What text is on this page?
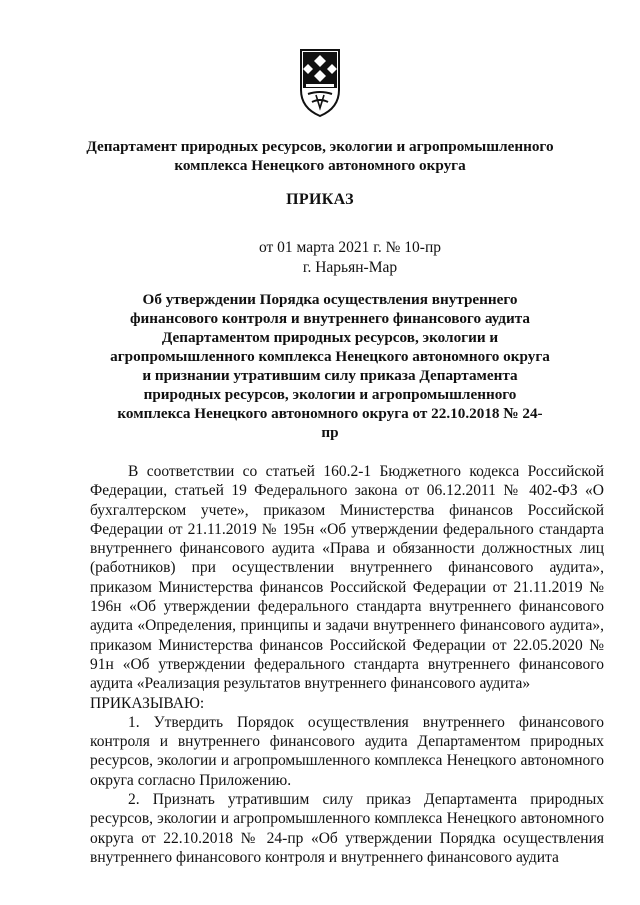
Департамент природных ресурсов, экологии и агропромышленного комплекса Ненецкого автономного округа
ПРИКАЗ
от 01 марта 2021 г. № 10-пр
г. Нарьян-Мар
Об утверждении Порядка осуществления внутреннего финансового контроля и внутреннего финансового аудита Департаментом природных ресурсов, экологии и агропромышленного комплекса Ненецкого автономного округа и признании утратившим силу приказа Департамента природных ресурсов, экологии и агропромышленного комплекса Ненецкого автономного округа от 22.10.2018 № 24-пр

В соответствии со статьей 160.2-1 Бюджетного кодекса Российской Федерации, статьей 19 Федерального закона от 06.12.2011 № 402-ФЗ «О бухгалтерском учете», приказом Министерства финансов Российской Федерации от 21.11.2019 № 195н «Об утверждении федерального стандарта внутреннего финансового аудита «Права и обязанности должностных лиц (работников) при осуществлении внутреннего финансового аудита», приказом Министерства финансов Российской Федерации от 21.11.2019 № 196н «Об утверждении федерального стандарта внутреннего финансового аудита «Определения, принципы и задачи внутреннего финансового аудита», приказом Министерства финансов Российской Федерации от 22.05.2020 № 91н «Об утверждении федерального стандарта внутреннего финансового аудита «Реализация результатов внутреннего финансового аудита»

ПРИКАЗЫВАЮ:

1. Утвердить Порядок осуществления внутреннего финансового контроля и внутреннего финансового аудита Департаментом природных ресурсов, экологии и агропромышленного комплекса Ненецкого автономного округа согласно Приложению.

2. Признать утратившим силу приказ Департамента природных ресурсов, экологии и агропромышленного комплекса Ненецкого автономного округа от 22.10.2018 № 24-пр «Об утверждении Порядка осуществления внутреннего финансового контроля и внутреннего финансового аудита
